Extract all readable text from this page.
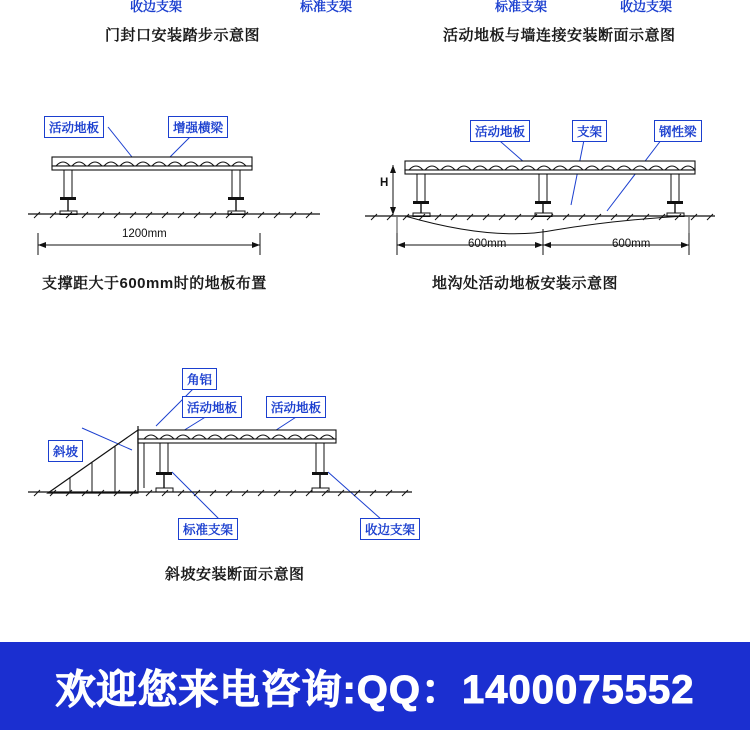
收边支架	标准支架	标准支架	收边支架
门封口安装踏步示意图	活动地板与墙连接安装断面示意图
活动地板	增强横梁
1200mm
支撑距大于600mm时的地板布置
活动地板	支架	钢性梁
H
600mm	600mm
地沟处活动地板安装示意图
角铝
活动地板	活动地板
斜坡
标准支架	收边支架
斜坡安装断面示意图
欢迎您来电咨询:QQ：1400075552
